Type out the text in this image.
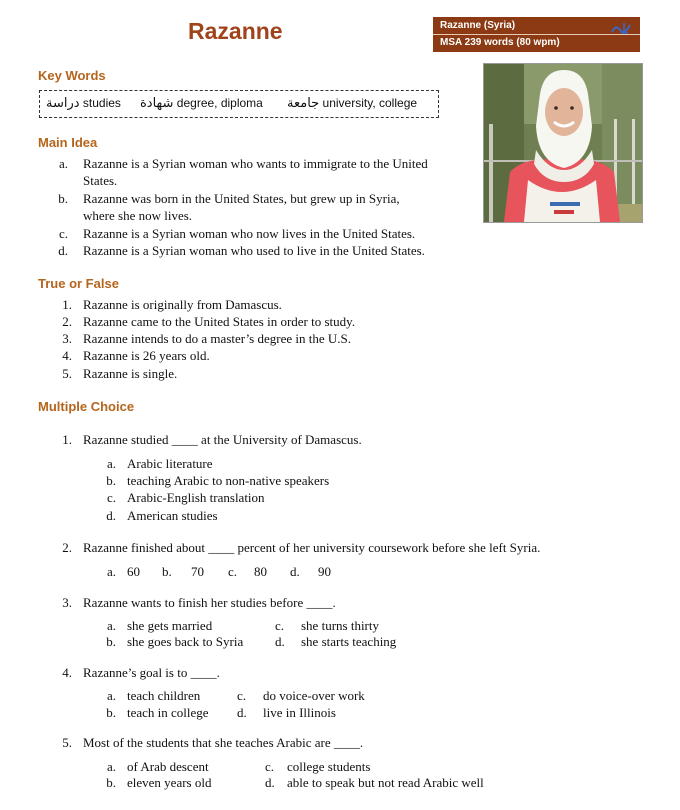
Razanne	Razanne (Syria)
MSA 239 words (80 wpm)
Key Words
دراسة studies شهادة degree, diploma جامعة university, college
Main Idea
a. Razanne is a Syrian woman who wants to immigrate to the United
States.
b. Razanne was born in the United States, but grew up in Syria,
where she now lives.
c. Razanne is a Syrian woman who now lives in the United States.
d. Razanne is a Syrian woman who used to live in the United States.
True or False
1. Razanne is originally from Damascus.
2. Razanne came to the United States in order to study.
3. Razanne intends to do a master’s degree in the U.S.
4. Razanne is 26 years old.
5. Razanne is single.
Multiple Choice
1. Razanne studied ____ at the University of Damascus.
a. Arabic literature
b. teaching Arabic to non-native speakers
c. Arabic-English translation
d. American studies
2. Razanne finished about ____ percent of her university coursework before she left Syria.
a. 60 b. 70 c. 80 d. 90
3. Razanne wants to finish her studies before ____.
a. she gets married
b. she goes back to Syria
c. she turns thirty
d. she starts teaching
4. Razanne’s goal is to ____.
a. teach children
b. teach in college
c. do voice-over work
d. live in Illinois
5. Most of the students that she teaches Arabic are ____.
a. of Arab descent
b. eleven years old
c. college students
d. able to speak but not read Arabic well
